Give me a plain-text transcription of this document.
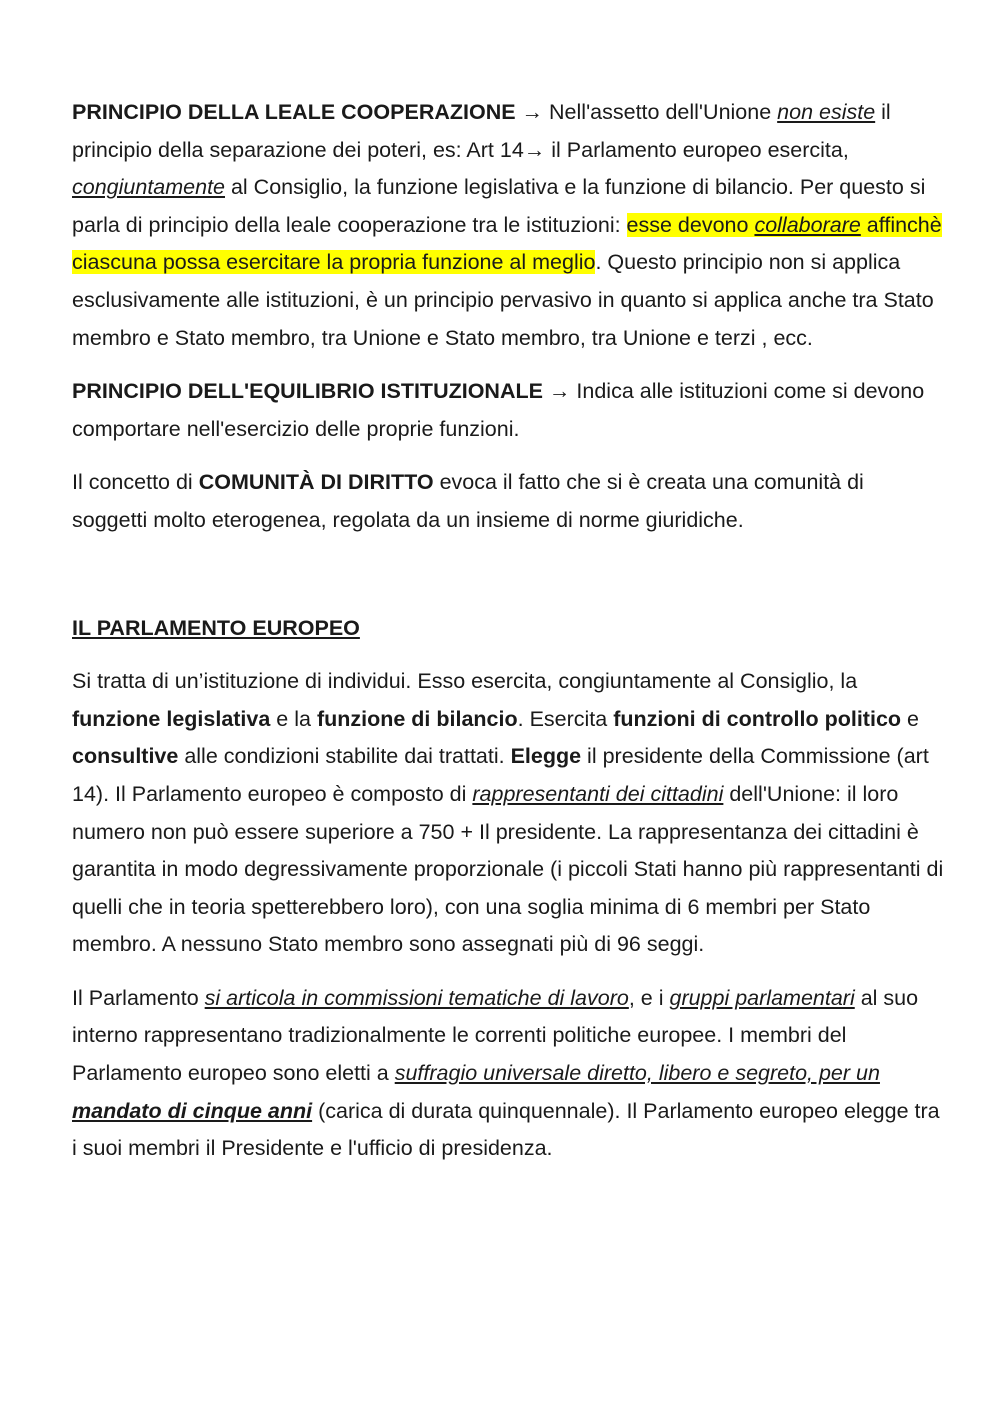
PRINCIPIO DELLA LEALE COOPERAZIONE → Nell'assetto dell'Unione non esiste il principio della separazione dei poteri, es: Art 14→ il Parlamento europeo esercita, congiuntamente al Consiglio, la funzione legislativa e la funzione di bilancio. Per questo si parla di principio della leale cooperazione tra le istituzioni: esse devono collaborare affinchè ciascuna possa esercitare la propria funzione al meglio. Questo principio non si applica esclusivamente alle istituzioni, è un principio pervasivo in quanto si applica anche tra Stato membro e Stato membro, tra Unione e Stato membro, tra Unione e terzi , ecc.

PRINCIPIO DELL'EQUILIBRIO ISTITUZIONALE → Indica alle istituzioni come si devono comportare nell'esercizio delle proprie funzioni.

Il concetto di COMUNITÀ DI DIRITTO evoca il fatto che si è creata una comunità di soggetti molto eterogenea, regolata da un insieme di norme giuridiche.

IL PARLAMENTO EUROPEO

Si tratta di un’istituzione di individui. Esso esercita, congiuntamente al Consiglio, la funzione legislativa e la funzione di bilancio. Esercita funzioni di controllo politico e consultive alle condizioni stabilite dai trattati. Elegge il presidente della Commissione (art 14). Il Parlamento europeo è composto di rappresentanti dei cittadini dell'Unione: il loro numero non può essere superiore a 750 + Il presidente. La rappresentanza dei cittadini è garantita in modo degressivamente proporzionale (i piccoli Stati hanno più rappresentanti di quelli che in teoria spetterebbero loro), con una soglia minima di 6 membri per Stato membro. A nessuno Stato membro sono assegnati più di 96 seggi.

Il Parlamento si articola in commissioni tematiche di lavoro, e i gruppi parlamentari al suo interno rappresentano tradizionalmente le correnti politiche europee. I membri del Parlamento europeo sono eletti a suffragio universale diretto, libero e segreto, per un mandato di cinque anni (carica di durata quinquennale). Il Parlamento europeo elegge tra i suoi membri il Presidente e l'ufficio di presidenza.
